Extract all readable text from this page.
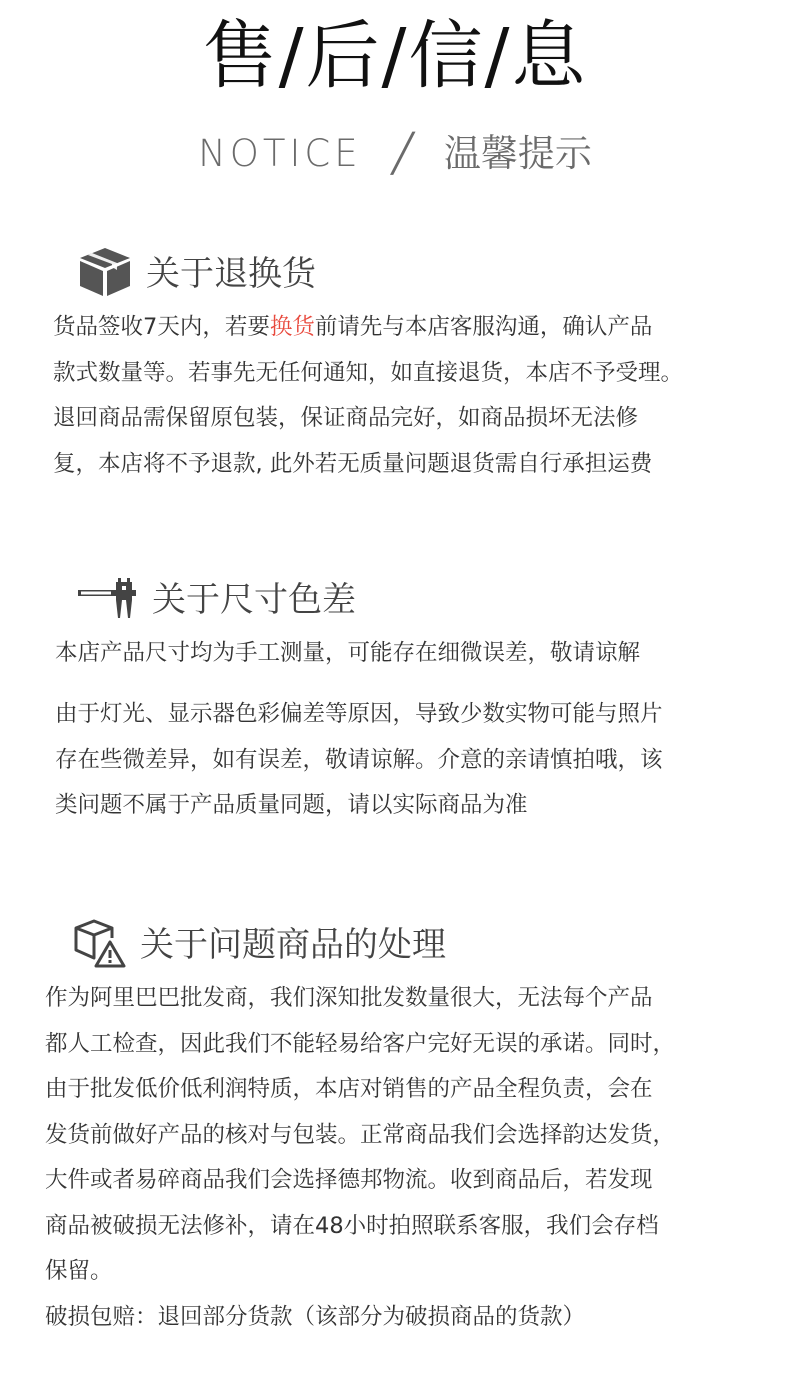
售/后/信/息
NOTICE ╱ 温馨提示
关于退换货
货品签收7天内，若要换货前请先与本店客服沟通，确认产品
款式数量等。若事先无任何通知，如直接退货，本店不予受理。
退回商品需保留原包装，保证商品完好，如商品损坏无法修
复，本店将不予退款, 此外若无质量问题退货需自行承担运费
关于尺寸色差
本店产品尺寸均为手工测量，可能存在细微误差，敬请谅解
由于灯光、显示器色彩偏差等原因，导致少数实物可能与照片
存在些微差异，如有误差，敬请谅解。介意的亲请慎拍哦，该
类问题不属于产品质量同题，请以实际商品为准
关于问题商品的处理
作为阿里巴巴批发商，我们深知批发数量很大，无法每个产品
都人工检查，因此我们不能轻易给客户完好无误的承诺。同时，
由于批发低价低利润特质，本店对销售的产品全程负责，会在
发货前做好产品的核对与包装。正常商品我们会选择韵达发货，
大件或者易碎商品我们会选择德邦物流。收到商品后，若发现
商品被破损无法修补，请在48小时拍照联系客服，我们会存档
保留。
破损包赔：退回部分货款（该部分为破损商品的货款）
